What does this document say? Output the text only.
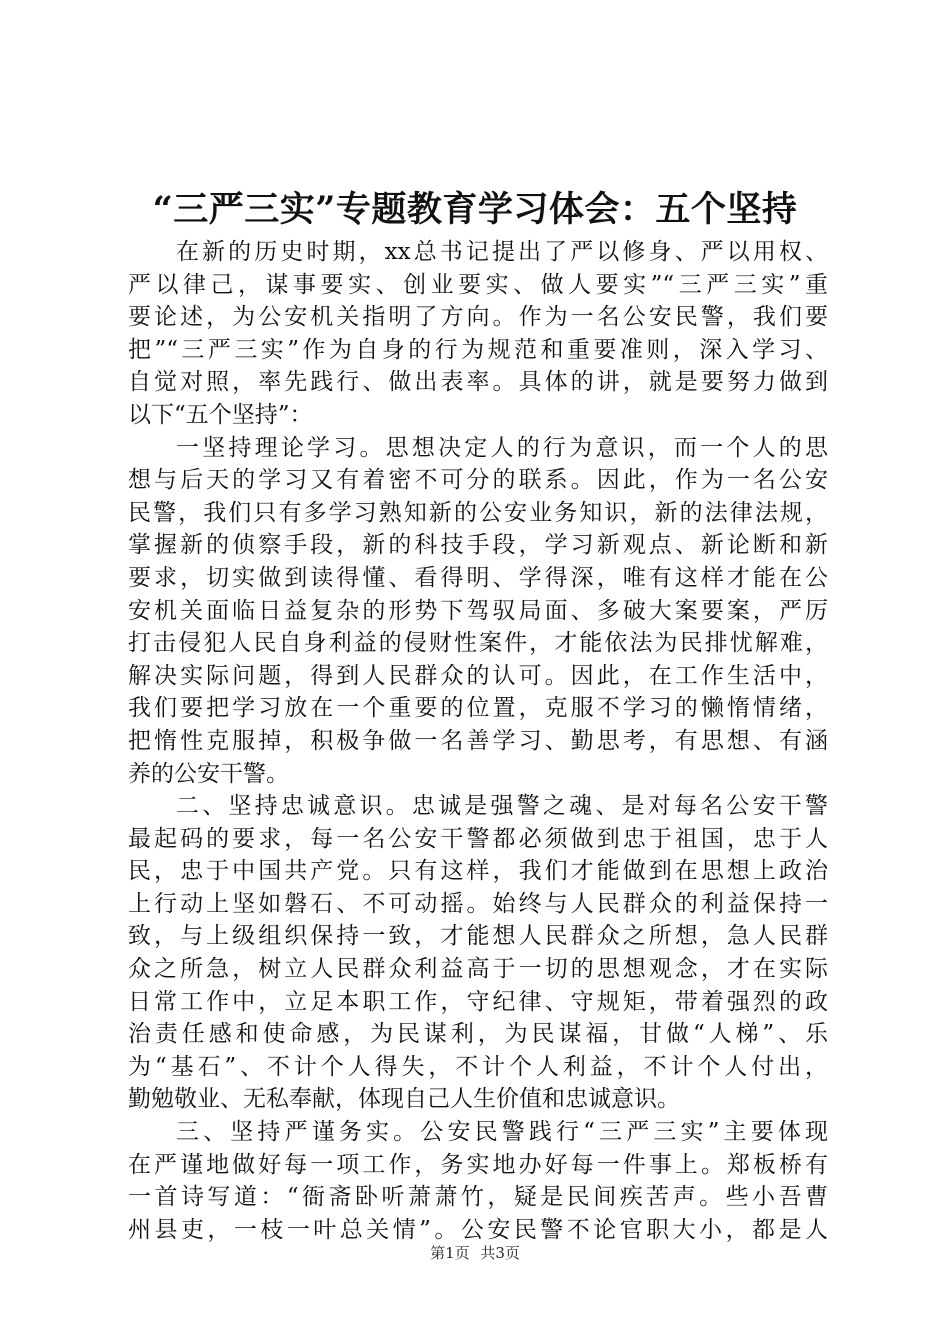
“三严三实”专题教育学习体会：五个坚持
在新的历史时期，xx总书记提出了严以修身、严以用权、
严以律己，谋事要实、创业要实、做人要实”“三严三实”重
要论述，为公安机关指明了方向。作为一名公安民警，我们要
把”“三严三实”作为自身的行为规范和重要准则，深入学习、
自觉对照，率先践行、做出表率。具体的讲，就是要努力做到
以下“五个坚持”：
一坚持理论学习。思想决定人的行为意识，而一个人的思
想与后天的学习又有着密不可分的联系。因此，作为一名公安
民警，我们只有多学习熟知新的公安业务知识，新的法律法规，
掌握新的侦察手段，新的科技手段，学习新观点、新论断和新
要求，切实做到读得懂、看得明、学得深，唯有这样才能在公
安机关面临日益复杂的形势下驾驭局面、多破大案要案，严厉
打击侵犯人民自身利益的侵财性案件，才能依法为民排忧解难，
解决实际问题，得到人民群众的认可。因此，在工作生活中，
我们要把学习放在一个重要的位置，克服不学习的懒惰情绪，
把惰性克服掉，积极争做一名善学习、勤思考，有思想、有涵
养的公安干警。
二、坚持忠诚意识。忠诚是强警之魂、是对每名公安干警
最起码的要求，每一名公安干警都必须做到忠于祖国，忠于人
民，忠于中国共产党。只有这样，我们才能做到在思想上政治
上行动上坚如磐石、不可动摇。始终与人民群众的利益保持一
致，与上级组织保持一致，才能想人民群众之所想，急人民群
众之所急，树立人民群众利益高于一切的思想观念，才在实际
日常工作中，立足本职工作，守纪律、守规矩，带着强烈的政
治责任感和使命感，为民谋利，为民谋福，甘做“人梯”、乐
为“基石”、不计个人得失，不计个人利益，不计个人付出，
勤勉敬业、无私奉献，体现自己人生价值和忠诚意识。
三、坚持严谨务实。公安民警践行“三严三实”主要体现
在严谨地做好每一项工作，务实地办好每一件事上。郑板桥有
一首诗写道：“衙斋卧听萧萧竹，疑是民间疾苦声。些小吾曹
州县吏，一枝一叶总关情”。公安民警不论官职大小，都是人
第1页 共3页
